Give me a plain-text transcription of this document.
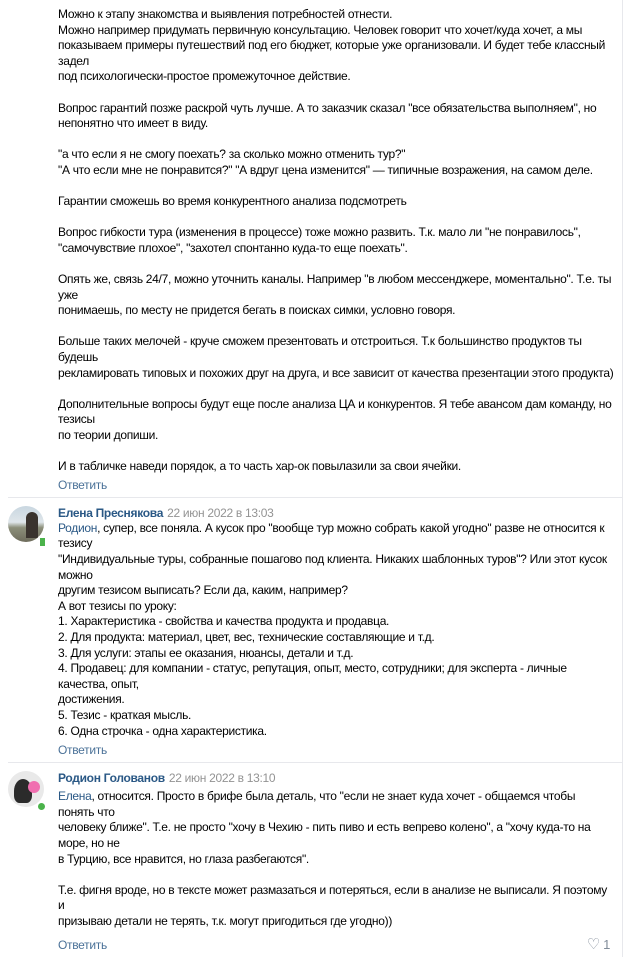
Можно к этапу знакомства и выявления потребностей отнести.
Можно например придумать первичную консультацию. Человек говорит что хочет/куда хочет, а мы
показываем примеры путешествий под его бюджет, которые уже организовали. И будет тебе классный задел
под психологически-простое промежуточное действие.
Вопрос гарантий позже раскрой чуть лучше. А то заказчик сказал "все обязательства выполняем", но
непонятно что имеет в виду.
"а что если я не смогу поехать? за сколько можно отменить тур?"
"А что если мне не понравится?" "А вдруг цена изменится" — типичные возражения, на самом деле.
Гарантии сможешь во время конкурентного анализа подсмотреть
Вопрос гибкости тура (изменения в процессе) тоже можно развить. Т.к. мало ли "не понравилось",
"самочувствие плохое", "захотел спонтанно куда-то еще поехать".
Опять же, связь 24/7, можно уточнить каналы. Например "в любом мессенджере, моментально". Т.е. ты уже
понимаешь, по месту не придется бегать в поисках симки, условно говоря.
Больше таких мелочей - круче сможем презентовать и отстроиться. Т.к большинство продуктов ты будешь
рекламировать типовых и похожих друг на друга, и все зависит от качества презентации этого продукта)
Дополнительные вопросы будут еще после анализа ЦА и конкурентов. Я тебе авансом дам команду, но тезисы
по теории допиши.
И в табличке наведи порядок, а то часть хар-ок повылазили за свои ячейки.
Ответить
Елена Преснякова 22 июн 2022 в 13:03
Родион, супер, все поняла. А кусок про "вообще тур можно собрать какой угодно" разве не относится к тезису
"Индивидуальные туры, собранные пошагово под клиента. Никаких шаблонных туров"? Или этот кусок можно
другим тезисом выписать? Если да, каким, например?
А вот тезисы по уроку:
1. Характеристика - свойства и качества продукта и продавца.
2. Для продукта: материал, цвет, вес, технические составляющие и т.д.
3. Для услуги: этапы ее оказания, нюансы, детали и т.д.
4. Продавец: для компании - статус, репутация, опыт, место, сотрудники; для эксперта - личные качества, опыт,
достижения.
5. Тезис - краткая мысль.
6. Одна строчка - одна характеристика.
Ответить
Родион Голованов 22 июн 2022 в 13:10
Елена, относится. Просто в брифе была деталь, что "если не знает куда хочет - общаемся чтобы понять что
человеку ближе". Т.е. не просто "хочу в Чехию - пить пиво и есть вепрево колено", а "хочу куда-то на море, но не
в Турцию, все нравится, но глаза разбегаются".
Т.е. фигня вроде, но в тексте может размазаться и потеряться, если в анализе не выписали. Я поэтому и
призываю детали не терять, т.к. могут пригодиться где угодно))
Ответить	♡ 1
